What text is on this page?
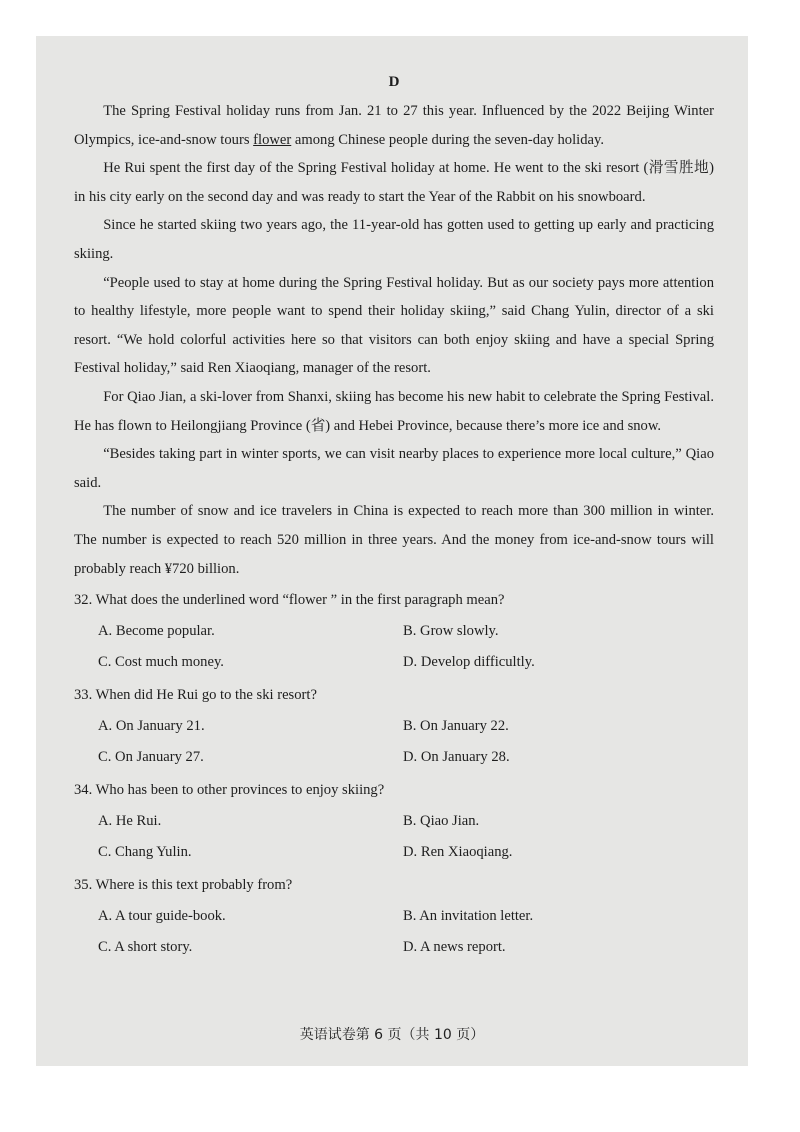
D

The Spring Festival holiday runs from Jan. 21 to 27 this year. Influenced by the 2022 Beijing Winter Olympics, ice-and-snow tours flower among Chinese people during the seven-day holiday.

He Rui spent the first day of the Spring Festival holiday at home. He went to the ski resort (滑雪胜地) in his city early on the second day and was ready to start the Year of the Rabbit on his snowboard.

Since he started skiing two years ago, the 11-year-old has gotten used to getting up early and practicing skiing.

“People used to stay at home during the Spring Festival holiday. But as our society pays more attention to healthy lifestyle, more people want to spend their holiday skiing,” said Chang Yulin, director of a ski resort. “We hold colorful activities here so that visitors can both enjoy skiing and have a special Spring Festival holiday,” said Ren Xiaoqiang, manager of the resort.

For Qiao Jian, a ski-lover from Shanxi, skiing has become his new habit to celebrate the Spring Festival. He has flown to Heilongjiang Province (省) and Hebei Province, because there’s more ice and snow.

“Besides taking part in winter sports, we can visit nearby places to experience more local culture,” Qiao said.

The number of snow and ice travelers in China is expected to reach more than 300 million in winter. The number is expected to reach 520 million in three years. And the money from ice-and-snow tours will probably reach ¥720 billion.

32. What does the underlined word “flower ” in the first paragraph mean?

A. Become popular.	B. Grow slowly.
C. Cost much money.	D. Develop difficultly.

33. When did He Rui go to the ski resort?

A. On January 21.	B. On January 22.
C. On January 27.	D. On January 28.

34. Who has been to other provinces to enjoy skiing?

A. He Rui.	B. Qiao Jian.
C. Chang Yulin.	D. Ren Xiaoqiang.

35. Where is this text probably from?

A. A tour guide-book.	B. An invitation letter.
C. A short story.	D. A news report.
英语试卷第 6 页（共 10 页）
